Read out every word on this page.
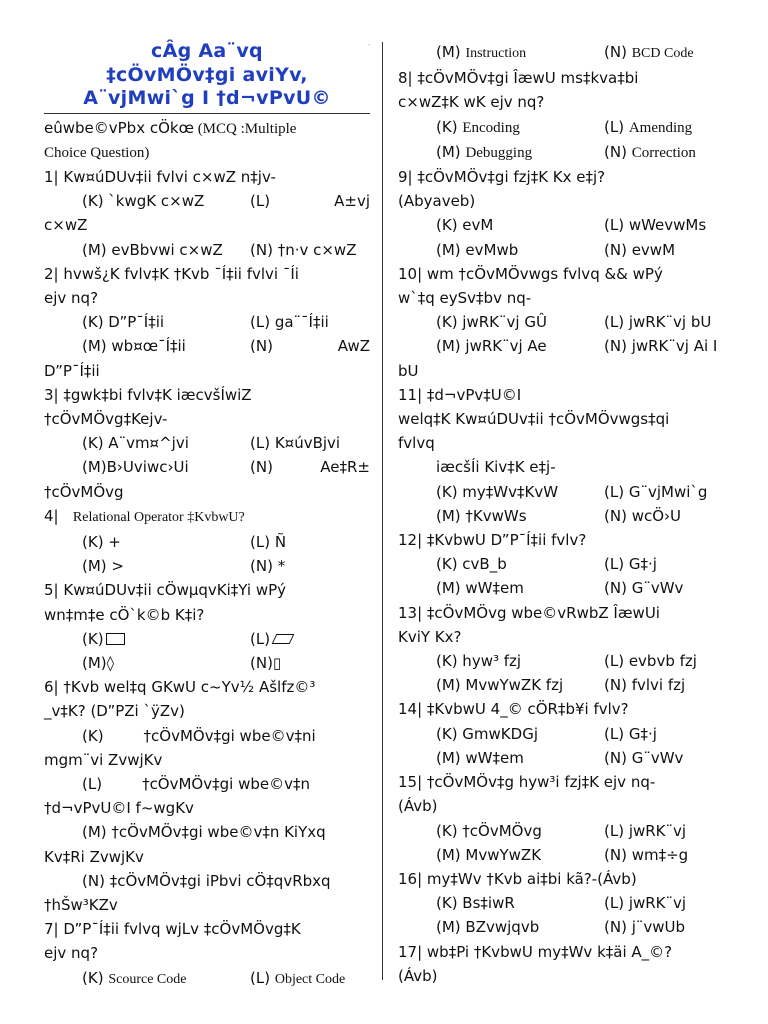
.
cÂg Aa¨vq
‡cÖvMÖv‡gi aviYv,
A¨vjMwi`g I †d¬vPvU©
eûwbe©vPbx cÖkœ (MCQ :Multiple
Choice Question)
1| Kw¤úDUv‡ii fvlvi c×wZ n‡jv-
(K) `kwgK c×wZ	(L)	A±vj
c×wZ
(M) evBbvwi c×wZ	(N) †n·v c×wZ
2| hvwš¿K fvlv‡K †Kvb ¯Í‡ii fvlvi ¯Íi
ejv nq?
(K) D”P¯Í‡ii	(L) ga¨¯Í‡ii
(M) wb¤œ¯Í‡ii	(N)	AwZ
D”P¯Í‡ii
3| ‡gwk‡bi fvlv‡K iæcvšÍwiZ
†cÖvMÖvg‡Kejv-
(K) A¨vm¤^jvi	(L) K¤úvBjvi
(M)B›Uviwc›Ui	(N)	Ae‡R±
†cÖvMÖvg
4| Relational Operator ‡KvbwU?
(K) +	(L) Ñ
(M) >	(N) *
5| Kw¤úDUv‡ii cÖwµqvKi‡Yi wPý
wn‡m‡e cÖ`k©b K‡i?
(K)	(L)
(M)◊	(N)▯
6| †Kvb wel‡q GKwU c~Yv½ Ašlfz©³
_v‡K? (D”PZi `ÿZv)
(K)	†cÖvMÖv‡gi wbe©v‡ni
mgm¨vi ZvwjKv
(L)	†cÖvMÖv‡gi wbe©v‡n
†d¬vPvU©I f~wgKv
(M) †cÖvMÖv‡gi wbe©v‡n KiYxq
Kv‡Ri ZvwjKv
(N) ‡cÖvMÖv‡gi iPbvi cÖ‡qvRbxq
†hŠw³KZv
7| D”P¯Í‡ii fvlvq wjLv ‡cÖvMÖvg‡K
ejv nq?
(K) Scource Code	(L) Object Code
(M) Instruction	(N) BCD Code
8| ‡cÖvMÖv‡gi ÎæwU ms‡kva‡bi
c×wZ‡K wK ejv nq?
(K) Encoding	(L) Amending
(M) Debugging	(N) Correction
9| ‡cÖvMÖv‡gi fzj‡K Kx e‡j?
(Abyaveb)
(K) evM	(L) wWevwMs
(M) evMwb	(N) evwM
10| wm †cÖvMÖvwgs fvlvq && wPý
w`‡q eySv‡bv nq-
(K) jwRK¨vj GÛ	(L) jwRK¨vj bU
(M) jwRK¨vj Ae	(N) jwRK¨vj Ai I
bU
11| ‡d¬vPv‡U©I
welq‡K Kw¤úDUv‡ii †cÖvMÖvwgs‡qi
fvlvq
iæcšÍi Kiv‡K e‡j-
(K) my‡Wv‡KvW	(L) G¨vjMwi`g
(M) †KvwWs	(N) wcÖ›U
12| ‡KvbwU D”P¯Í‡ii fvlv?
(K) cvB_b	(L) G‡·j
(M) wW‡em	(N) G¨vWv
13| ‡cÖvMÖvg wbe©vRwbZ ÎæwUi
KviY Kx?
(K) hyw³ fzj	(L) evbvb fzj
(M) MvwYwZK fzj	(N) fvlvi fzj
14| ‡KvbwU 4_© cÖR‡b¥i fvlv?
(K) GmwKDGj	(L) G‡·j
(M) wW‡em	(N) G¨vWv
15| †cÖvMÖv‡g hyw³i fzj‡K ejv nq-
(Ávb)
(K) †cÖvMÖvg	(L) jwRK¨vj
(M) MvwYwZK	(N) wm‡÷g
16| my‡Wv †Kvb ai‡bi kã?-(Ávb)
(K) Bs‡iwR	(L) jwRK¨vj
(M) BZvwjqvb	(N) j¨vwUb
17| wb‡Pi †KvbwU my‡Wv k‡äi A_©?
(Ávb)
